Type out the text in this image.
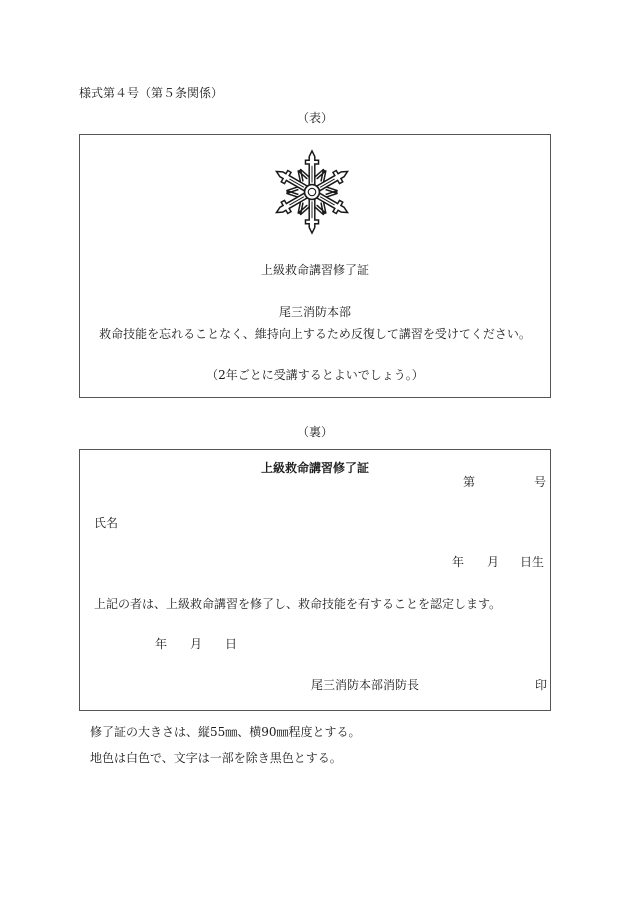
様式第４号（第５条関係）
（表）
上級救命講習修了証
尾三消防本部
救命技能を忘れることなく、維持向上するため反復して講習を受けてください。
（2年ごとに受講するとよいでしょう。）
（裏）
上級救命講習修了証
第	号
氏名
年 月 日生
上記の者は、上級救命講習を修了し、救命技能を有することを認定します。
年 月 日
尾三消防本部消防長	印
修了証の大きさは、縦55㎜、横90㎜程度とする。
地色は白色で、文字は一部を除き黒色とする。
